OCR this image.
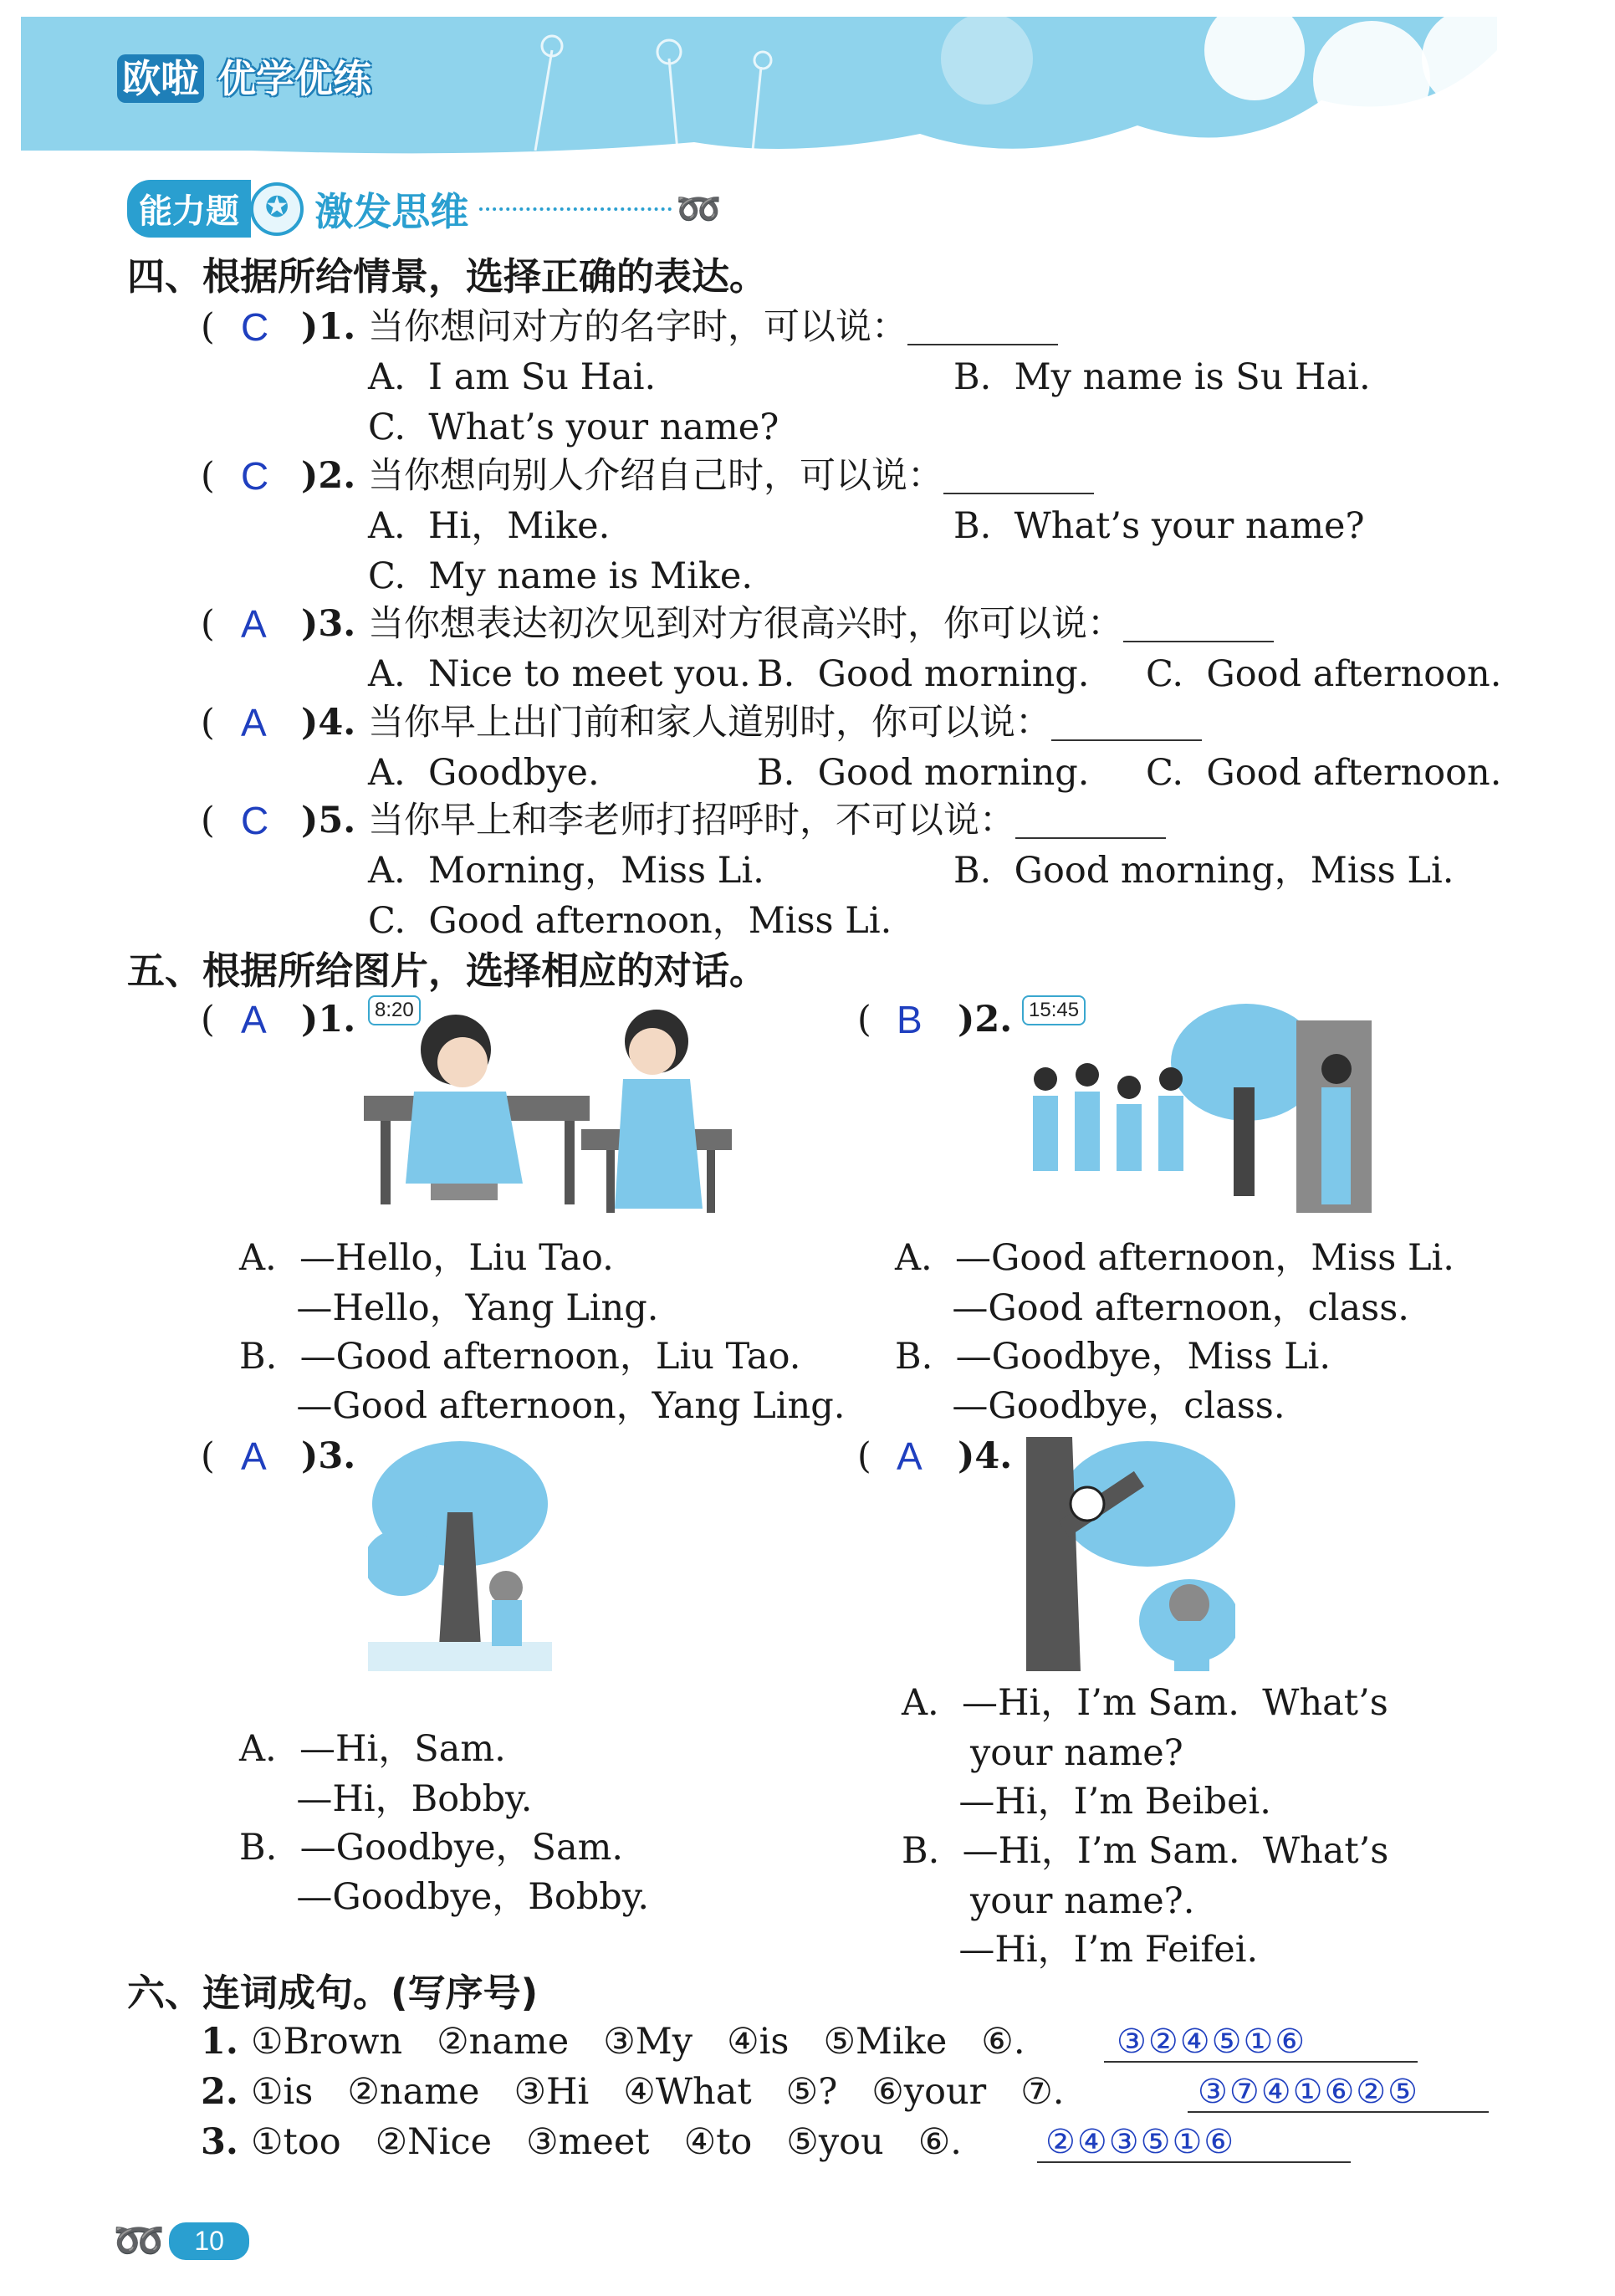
欧啦 优学优练
能力题 ✪ 激发思维	➿
四、根据所给情景，选择正确的表达。
( C )1. 当你想问对方的名字时，可以说：
A.  I am Su Hai.	B.  My name is Su Hai.
C.  What’s your name?
( C )2. 当你想向别人介绍自己时，可以说：
A.  Hi，Mike.	B.  What’s your name?
C.  My name is Mike.
( A )3. 当你想表达初次见到对方很高兴时，你可以说：
A.  Nice to meet you. B.  Good morning. C.  Good afternoon.
( A )4. 当你早上出门前和家人道别时，你可以说：
A.  Goodbye.	B.  Good morning. C.  Good afternoon.
( C )5. 当你早上和李老师打招呼时，不可以说：
A.  Morning，Miss Li.	B.  Good morning，Miss Li.
C.  Good afternoon，Miss Li.
五、根据所给图片，选择相应的对话。
( A )1. 8:20
A.  —Hello，Liu Tao.
—Hello，Yang Ling.
B.  —Good afternoon，Liu Tao.
—Good afternoon，Yang Ling.
( B )2. 15:45
A.  —Good afternoon，Miss Li.
—Good afternoon，class.
B.  —Goodbye，Miss Li.
—Goodbye，class.
( A )3.
A.  —Hi，Sam.
—Hi，Bobby.
B.  —Goodbye，Sam.
—Goodbye，Bobby.
( A )4.
A.  —Hi，I’m Sam.  What’s
your name?
—Hi，I’m Beibei.
B.  —Hi，I’m Sam.  What’s
your name?.
—Hi，I’m Feifei.
六、连词成句。(写序号)
1. ①Brown   ②name   ③My   ④is   ⑤Mike   ⑥.	③②④⑤①⑥
2. ①is   ②name   ③Hi   ④What   ⑤?   ⑥your   ⑦.	③⑦④①⑥②⑤
3. ①too   ②Nice   ③meet   ④to   ⑤you   ⑥.	②④③⑤①⑥
➿ 10
